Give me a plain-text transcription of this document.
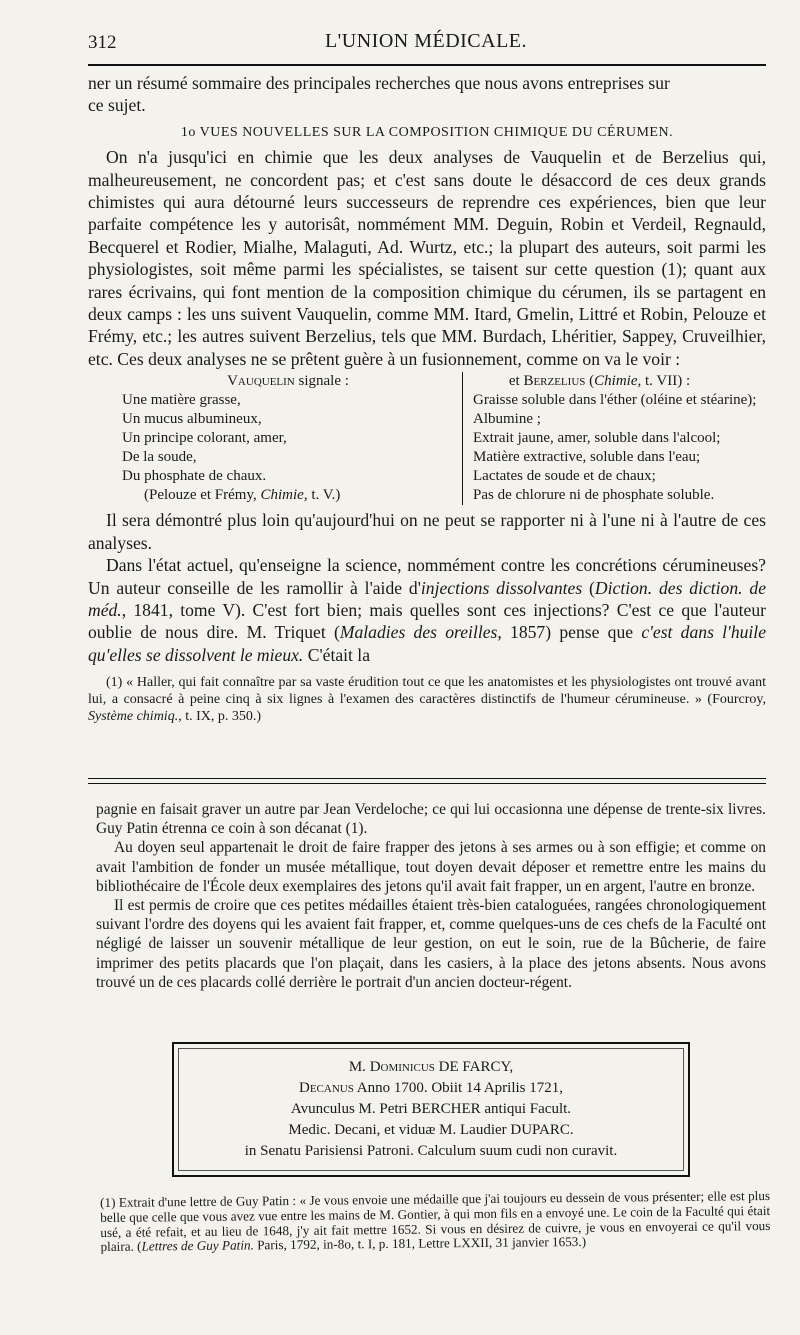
312	L'UNION MÉDICALE.

ner un résumé sommaire des principales recherches que nous avons entreprises sur

ce sujet.

1o VUES NOUVELLES SUR LA COMPOSITION CHIMIQUE DU CÉRUMEN.

On n'a jusqu'ici en chimie que les deux analyses de Vauquelin et de Berzelius qui, malheureusement, ne concordent pas; et c'est sans doute le désaccord de ces deux grands chimistes qui aura détourné leurs successeurs de reprendre ces expériences, bien que leur parfaite compétence les y autorisât, nommément MM. Deguin, Robin et Verdeil, Regnauld, Becquerel et Rodier, Mialhe, Malaguti, Ad. Wurtz, etc.; la plupart des auteurs, soit parmi les physiologistes, soit même parmi les spécialistes, se taisent sur cette question (1); quant aux rares écrivains, qui font mention de la composition chimique du cérumen, ils se partagent en deux camps : les uns suivent Vauquelin, comme MM. Itard, Gmelin, Littré et Robin, Pelouze et Frémy, etc.; les autres suivent Berzelius, tels que MM. Burdach, Lhéritier, Sappey, Cruveilhier, etc. Ces deux analyses ne se prêtent guère à un fusionnement, comme on va le voir :

Vauquelin signale :
Une matière grasse,
Un mucus albumineux,
Un principe colorant, amer,
De la soude,
Du phosphate de chaux.
(Pelouze et Frémy, Chimie, t. V.)
et Berzelius (Chimie, t. VII) :
Graisse soluble dans l'éther (oléine et stéarine);
Albumine ;
Extrait jaune, amer, soluble dans l'alcool;
Matière extractive, soluble dans l'eau;
Lactates de soude et de chaux;
Pas de chlorure ni de phosphate soluble.

Il sera démontré plus loin qu'aujourd'hui on ne peut se rapporter ni à l'une ni à l'autre de ces analyses.

Dans l'état actuel, qu'enseigne la science, nommément contre les concrétions cérumineuses? Un auteur conseille de les ramollir à l'aide d'injections dissolvantes (Diction. des diction. de méd., 1841, tome V). C'est fort bien; mais quelles sont ces injections? C'est ce que l'auteur oublie de nous dire. M. Triquet (Maladies des oreilles, 1857) pense que c'est dans l'huile qu'elles se dissolvent le mieux. C'était la

(1) « Haller, qui fait connaître par sa vaste érudition tout ce que les anatomistes et les physiologistes ont trouvé avant lui, a consacré à peine cinq à six lignes à l'examen des caractères distinctifs de l'humeur cérumineuse. » (Fourcroy, Système chimiq., t. IX, p. 350.)

pagnie en faisait graver un autre par Jean Verdeloche; ce qui lui occasionna une dépense de trente-six livres. Guy Patin étrenna ce coin à son décanat (1).

Au doyen seul appartenait le droit de faire frapper des jetons à ses armes ou à son effigie; et comme on avait l'ambition de fonder un musée métallique, tout doyen devait déposer et remettre entre les mains du bibliothécaire de l'École deux exemplaires des jetons qu'il avait fait frapper, un en argent, l'autre en bronze.

Il est permis de croire que ces petites médailles étaient très-bien cataloguées, rangées chronologiquement suivant l'ordre des doyens qui les avaient fait frapper, et, comme quelques-uns de ces chefs de la Faculté ont négligé de laisser un souvenir métallique de leur gestion, on eut le soin, rue de la Bûcherie, de faire imprimer des petits placards que l'on plaçait, dans les casiers, à la place des jetons absents. Nous avons trouvé un de ces placards collé derrière le portrait d'un ancien docteur-régent.

M. Dominicus DE FARCY,
Decanus Anno 1700. Obiit 14 Aprilis 1721,
Avunculus M. Petri BERCHER antiqui Facult.
Medic. Decani, et viduæ M. Laudier DUPARC.
in Senatu Parisiensi Patroni. Calculum suum cudi non curavit.

(1) Extrait d'une lettre de Guy Patin : « Je vous envoie une médaille que j'ai toujours eu dessein de vous présenter; elle est plus belle que celle que vous avez vue entre les mains de M. Gontier, à qui mon fils en a envoyé une. Le coin de la Faculté qui était usé, a été refait, et au lieu de 1648, j'y ait fait mettre 1652. Si vous en désirez de cuivre, je vous en envoyerai ce qu'il vous plaira. (Lettres de Guy Patin. Paris, 1792, in-8o, t. I, p. 181, Lettre LXXII, 31 janvier 1653.)
